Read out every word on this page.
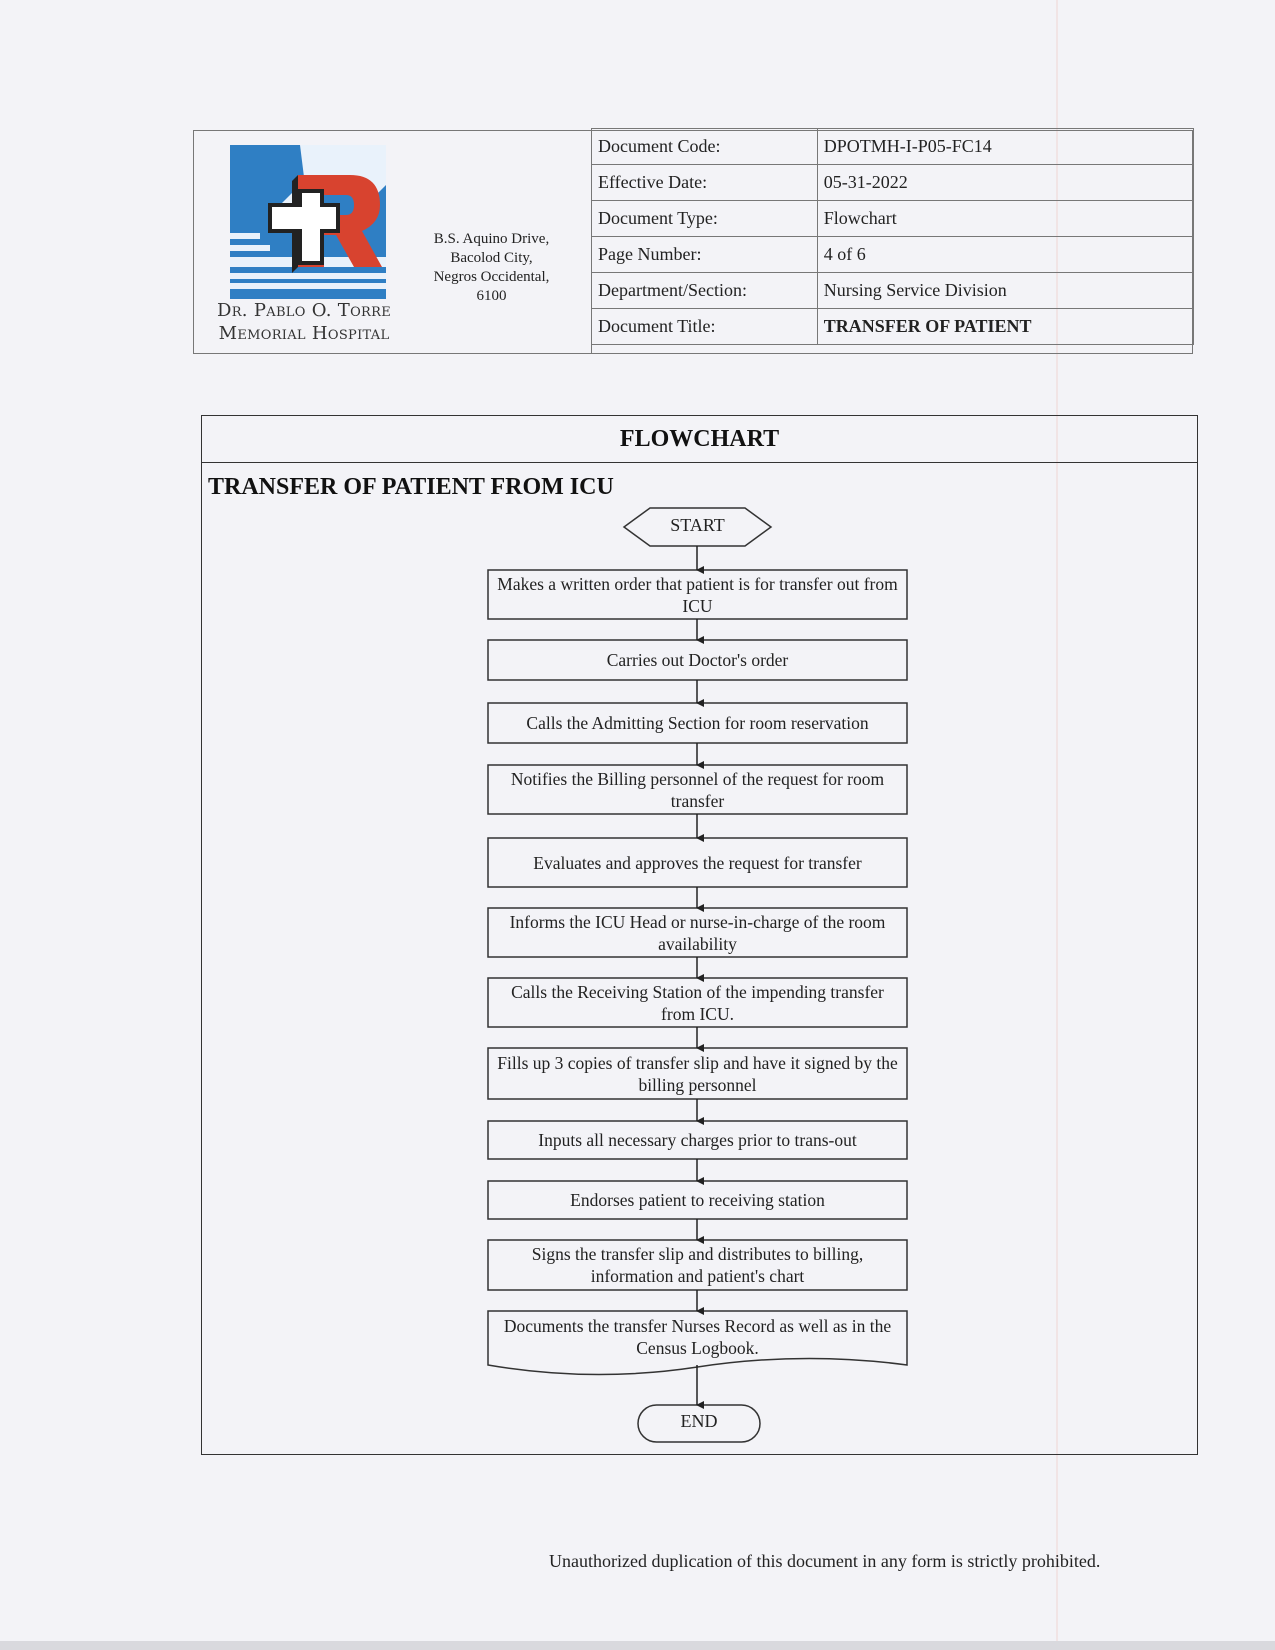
Dr. Pablo O. Torre
Memorial Hospital
B.S. Aquino Drive,
Bacolod City,
Negros Occidental,
6100
Document Code:	DPOTMH-I-P05-FC14
Effective Date:	05-31-2022
Document Type:	Flowchart
Page Number:	4 of 6
Department/Section:	Nursing Service Division
Document Title:	TRANSFER OF PATIENT
FLOWCHART
TRANSFER OF PATIENT FROM ICU
START
END
Makes a written order that patient is for transfer out from ICU
Carries out Doctor's order
Calls the Admitting Section for room reservation
Notifies the Billing personnel of the request for room transfer
Evaluates and approves the request for transfer
Informs the ICU Head or nurse-in-charge of the room availability
Calls the Receiving Station of the impending transfer from ICU.
Fills up 3 copies of transfer slip and have it signed by the billing personnel
Inputs all necessary charges prior to trans-out
Endorses patient to receiving station
Signs the transfer slip and distributes to billing, information and patient's chart
Documents the transfer Nurses Record as well as in the Census Logbook.
Unauthorized duplication of this document in any form is strictly prohibited.
